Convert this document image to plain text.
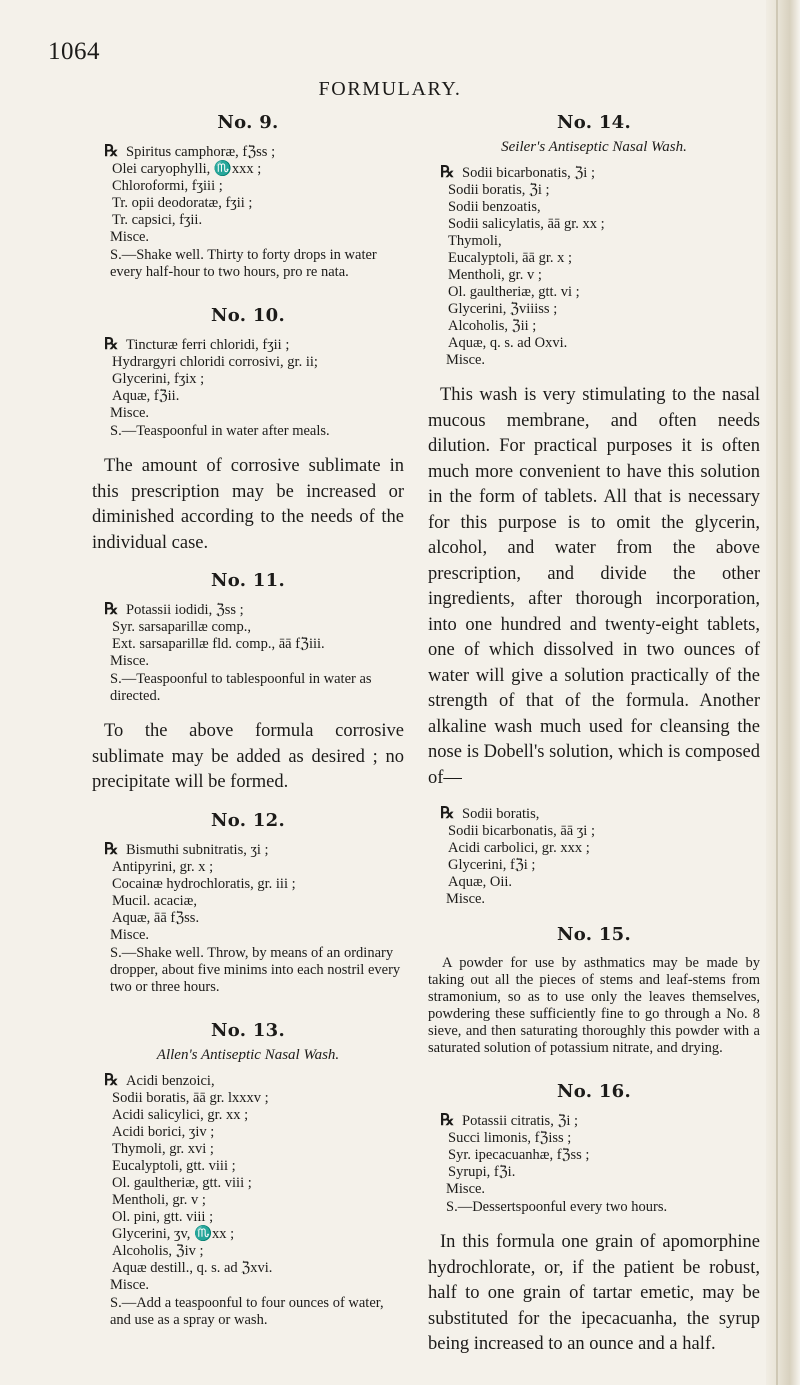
1064
FORMULARY.
No. 9.
℞ Spiritus camphoræ, fℨss ;
Olei caryophylli, ♏xxx ;
Chloroformi, fʒiii ;
Tr. opii deodoratæ, fʒii ;
Tr. capsici, fʒii.
Misce.
S.—Shake well. Thirty to forty drops in water every half-hour to two hours, pro re nata.
No. 10.
℞ Tincturæ ferri chloridi, fʒii ;
Hydrargyri chloridi corrosivi, gr. ii;
Glycerini, fʒix ;
Aquæ, fℨii.
Misce.
S.—Teaspoonful in water after meals.

The amount of corrosive sublimate in this prescription may be increased or diminished according to the needs of the individual case.

No. 11.
℞ Potassii iodidi, ℨss ;
Syr. sarsaparillæ comp.,
Ext. sarsaparillæ fld. comp., āā fℨiii.
Misce.
S.—Teaspoonful to tablespoonful in water as directed.

To the above formula corrosive sublimate may be added as desired ; no precipitate will be formed.

No. 12.
℞ Bismuthi subnitratis, ʒi ;
Antipyrini, gr. x ;
Cocainæ hydrochloratis, gr. iii ;
Mucil. acaciæ,
Aquæ, āā fℨss.
Misce.
S.—Shake well. Throw, by means of an ordinary dropper, about five minims into each nostril every two or three hours.
No. 13.
Allen's Antiseptic Nasal Wash.
℞ Acidi benzoici,
Sodii boratis, āā gr. lxxxv ;
Acidi salicylici, gr. xx ;
Acidi borici, ʒiv ;
Thymoli, gr. xvi ;
Eucalyptoli, gtt. viii ;
Ol. gaultheriæ, gtt. viii ;
Mentholi, gr. v ;
Ol. pini, gtt. viii ;
Glycerini, ʒv, ♏xx ;
Alcoholis, ℨiv ;
Aquæ destill., q. s. ad ℨxvi.
Misce.
S.—Add a teaspoonful to four ounces of water, and use as a spray or wash.
No. 14.
Seiler's Antiseptic Nasal Wash.
℞ Sodii bicarbonatis, ℨi ;
Sodii boratis, ℨi ;
Sodii benzoatis,
Sodii salicylatis, āā gr. xx ;
Thymoli,
Eucalyptoli, āā gr. x ;
Mentholi, gr. v ;
Ol. gaultheriæ, gtt. vi ;
Glycerini, ℨviiiss ;
Alcoholis, ℨii ;
Aquæ, q. s. ad Oxvi.
Misce.

This wash is very stimulating to the nasal mucous membrane, and often needs dilution. For practical purposes it is often much more convenient to have this solution in the form of tablets. All that is necessary for this purpose is to omit the glycerin, alcohol, and water from the above prescription, and divide the other ingredients, after thorough incorporation, into one hundred and twenty-eight tablets, one of which dissolved in two ounces of water will give a solution practically of the strength of that of the formula. Another alkaline wash much used for cleansing the nose is Dobell's solution, which is composed of—

℞ Sodii boratis,
Sodii bicarbonatis, āā ʒi ;
Acidi carbolici, gr. xxx ;
Glycerini, fℨi ;
Aquæ, Oii.
Misce.
No. 15.

A powder for use by asthmatics may be made by taking out all the pieces of stems and leaf-stems from stramonium, so as to use only the leaves themselves, powdering these sufficiently fine to go through a No. 8 sieve, and then saturating thoroughly this powder with a saturated solution of potassium nitrate, and drying.

No. 16.
℞ Potassii citratis, ℨi ;
Succi limonis, fℨiss ;
Syr. ipecacuanhæ, fℨss ;
Syrupi, fℨi.
Misce.
S.—Dessertspoonful every two hours.

In this formula one grain of apomorphine hydrochlorate, or, if the patient be robust, half to one grain of tartar emetic, may be substituted for the ipecacuanha, the syrup being increased to an ounce and a half.
